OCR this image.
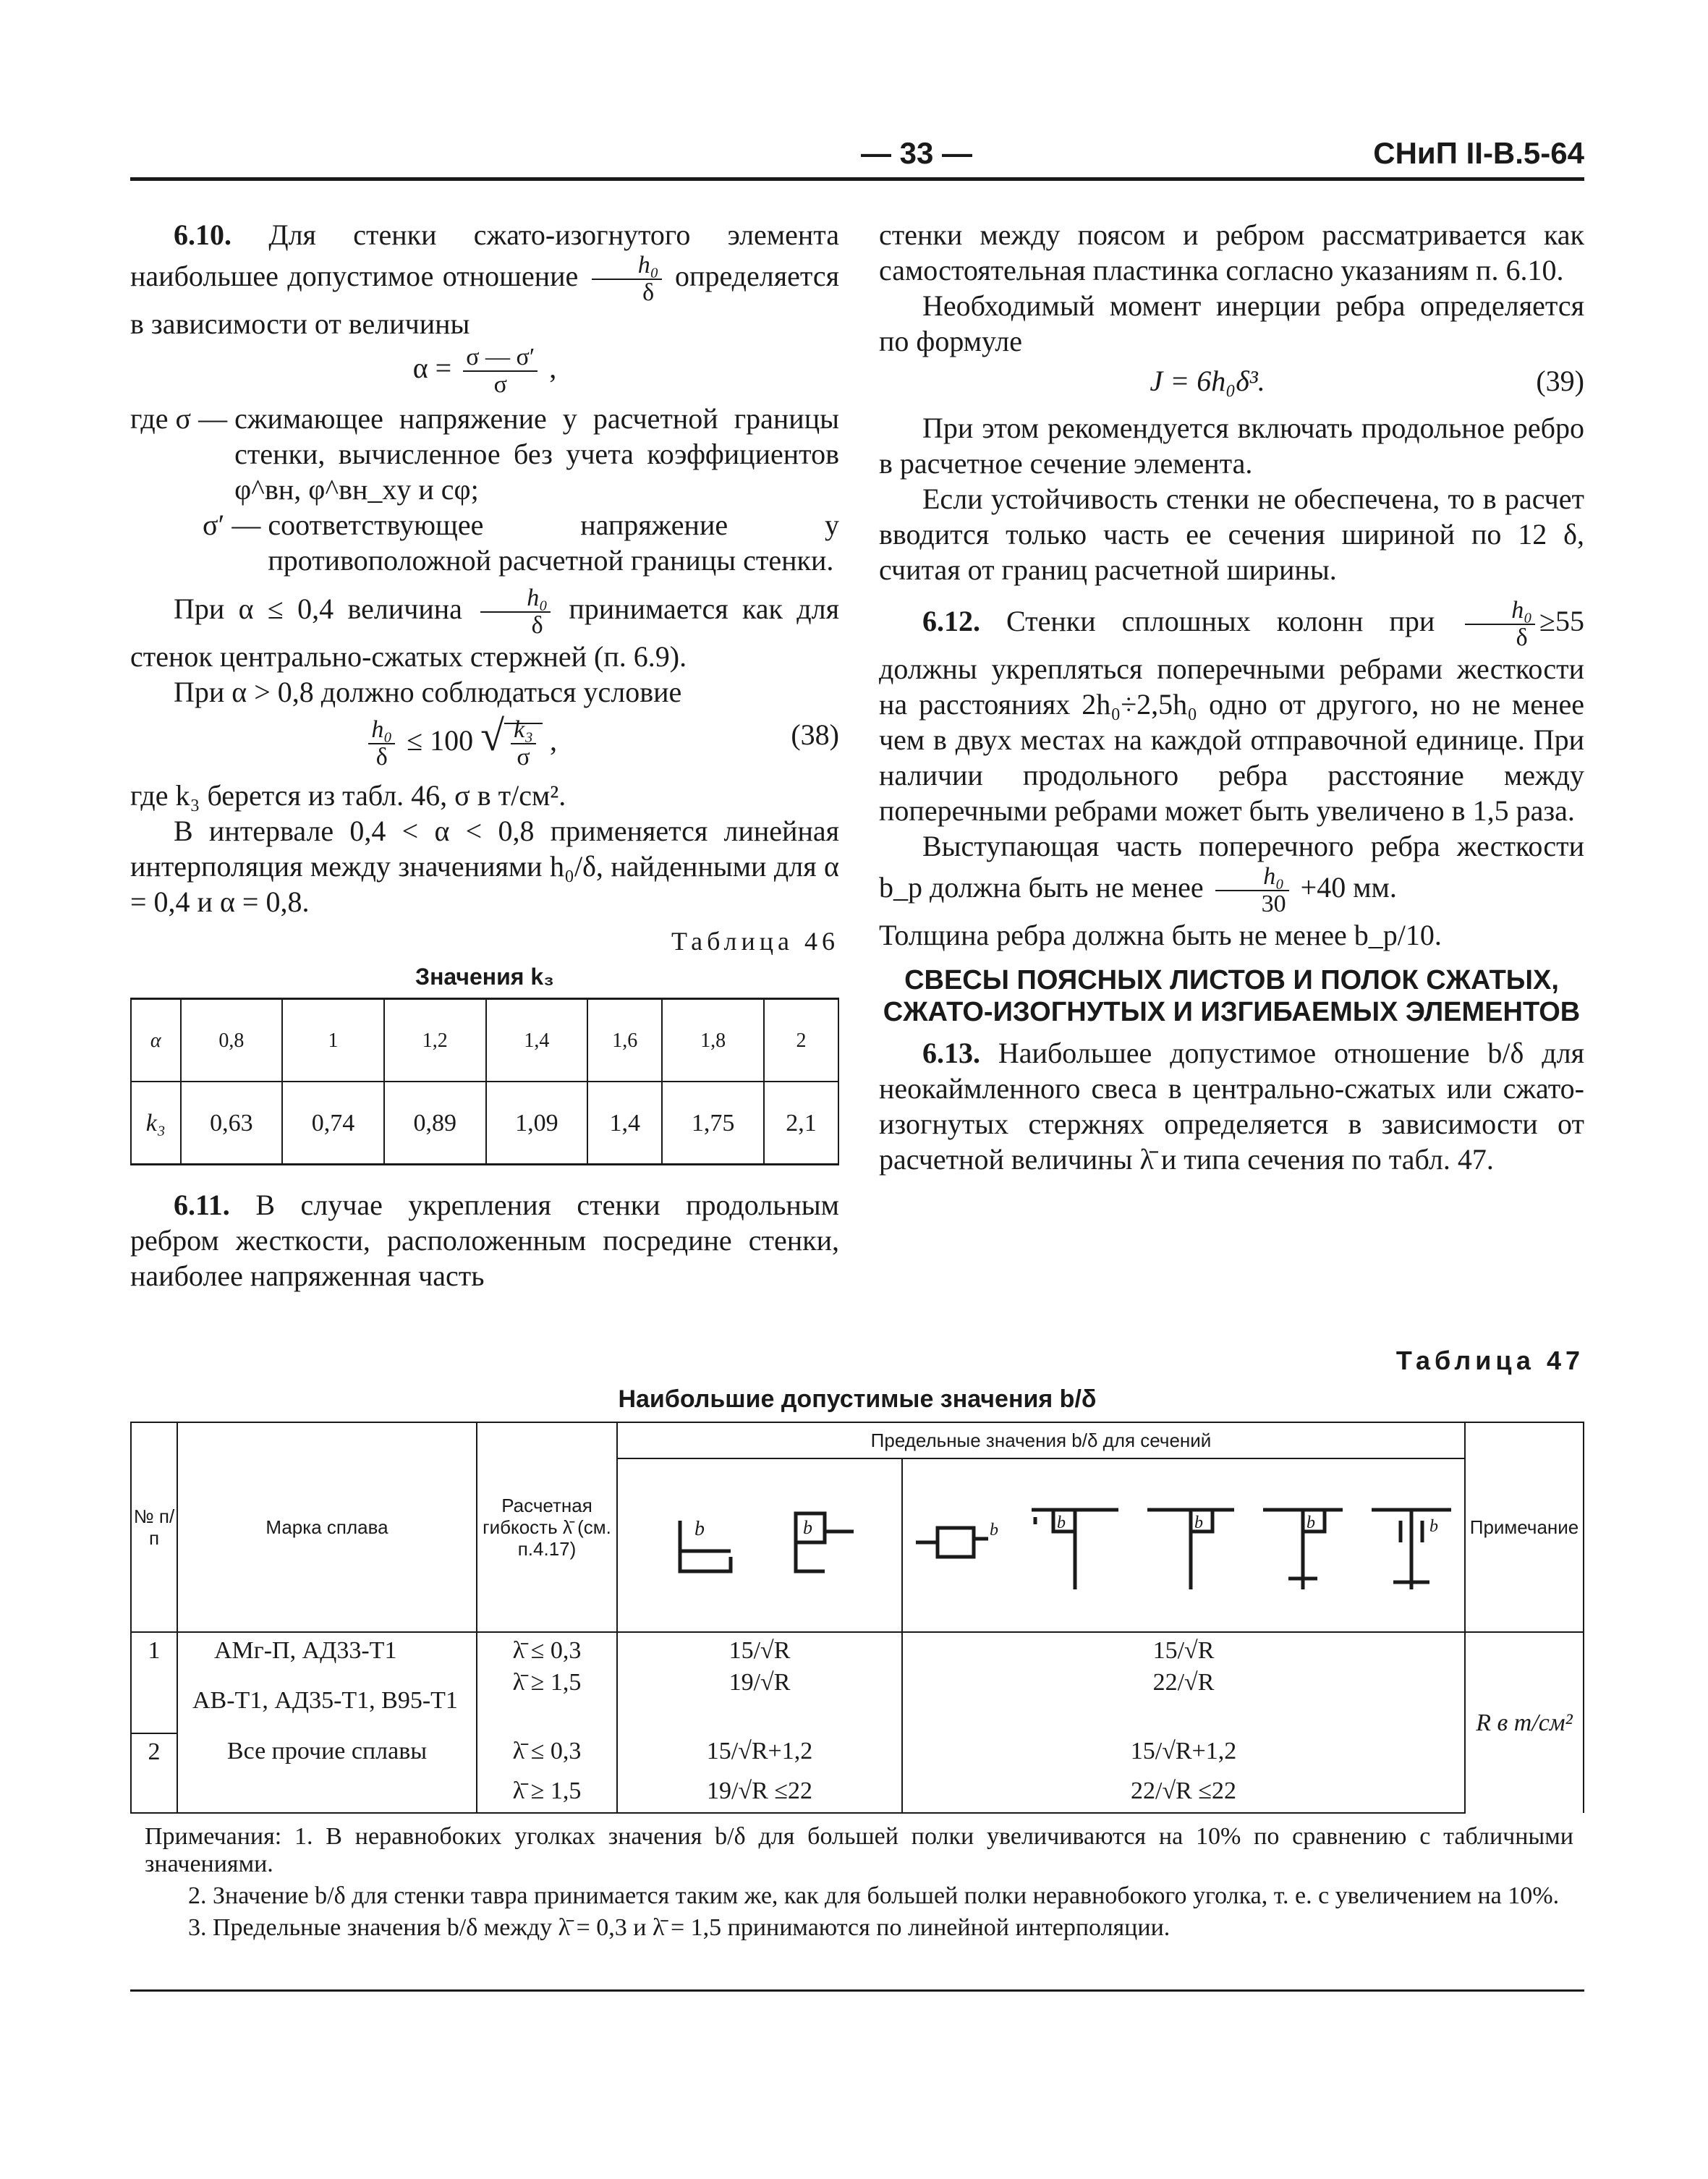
— 33 —	СНиП II-В.5-64

6.10. Для стенки сжато-изогнутого элемента наибольшее допустимое отношение $\frac{\text{h₀}}{\delta}$ определяется в зависимости от величины

$\alpha = \frac{\sigma — \sigma'}{\sigma}$ ,
где σ —
сжимающее напряжение у расчетной границы стенки, вычисленное без учета коэффициентов φ^вн, φ^вн_xy и cφ;
σ′ —
соответствующее напряжение у противоположной расчетной границы стенки.

При α ≤ 0,4 величина $\frac{\text{h₀}}{\delta}$ принимается как для стенок центрально-сжатых стержней (п. 6.9).

При α > 0,8 должно соблюдаться условие

$\frac{\text{h₀}}{\delta} \le 100$ √ $\frac{\text{k₃}}{\sigma}$ ,	(38)

где k₃ берется из табл. 46, σ в т/см².

В интервале 0,4 < α < 0,8 применяется линейная интерполяция между значениями h₀/δ, найденными для α = 0,4 и α = 0,8.

Таблица 46
Значения k₃
α	0,8	1	1,2	1,4	1,6	1,8	2
k₃	0,63	0,74	0,89	1,09	1,4	1,75	2,1

6.11. В случае укрепления стенки продольным ребром жесткости, расположенным посредине стенки, наиболее напряженная часть

стенки между поясом и ребром рассматривается как самостоятельная пластинка согласно указаниям п. 6.10.

Необходимый момент инерции ребра определяется по формуле

J = 6h₀δ³.	(39)

При этом рекомендуется включать продольное ребро в расчетное сечение элемента.

Если устойчивость стенки не обеспечена, то в расчет вводится только часть ее сечения шириной по 12 δ, считая от границ расчетной ширины.

6.12. Стенки сплошных колонн при $\frac{\text{h₀}}{\delta} \ge 55$ должны укрепляться поперечными ребрами жесткости на расстояниях 2h₀÷2,5h₀ одно от другого, но не менее чем в двух местах на каждой отправочной единице. При наличии продольного ребра расстояние между поперечными ребрами может быть увеличено в 1,5 раза.

Выступающая часть поперечного ребра жесткости b_p должна быть не менее $\frac{\text{h₀}}{30} +40$ мм.

Толщина ребра должна быть не менее b_p/10.

СВЕСЫ ПОЯСНЫХ ЛИСТОВ И ПОЛОК СЖАТЫХ, СЖАТО-ИЗОГНУТЫХ И ИЗГИБАЕМЫХ ЭЛЕМЕНТОВ

6.13. Наибольшее допустимое отношение b/δ для неокаймленного свеса в центрально-сжатых или сжато-изогнутых стержнях определяется в зависимости от расчетной величины λ̄ и типа сечения по табл. 47.

Таблица 47
Наибольшие допустимые значения b/δ
№ п/п	Марка сплава	Расчетная гибкость λ̄ (см. п.4.17)	Предельные значения b/δ для сечений		Примечание

b b	b b b b b	

1	АМг-П, АД33-Т1	λ̄ ≤ 0,3	15/√R	15/√R	R в т/см²
	АВ-Т1, АД35-Т1, В95-Т1	λ̄ ≥ 1,5	19/√R	22/√R	
2	Все прочие сплавы	λ̄ ≤ 0,3	15/√R+1,2	15/√R+1,2	
		λ̄ ≥ 1,5	19/√R ≤22	22/√R ≤22	

Примечания: 1. В неравнобоких уголках значения b/δ для большей полки увеличиваются на 10% по сравнению с табличными значениями.

2. Значение b/δ для стенки тавра принимается таким же, как для большей полки неравнобокого уголка, т. е. с увеличением на 10%.

3. Предельные значения b/δ между λ̄ = 0,3 и λ̄ = 1,5 принимаются по линейной интерполяции.
